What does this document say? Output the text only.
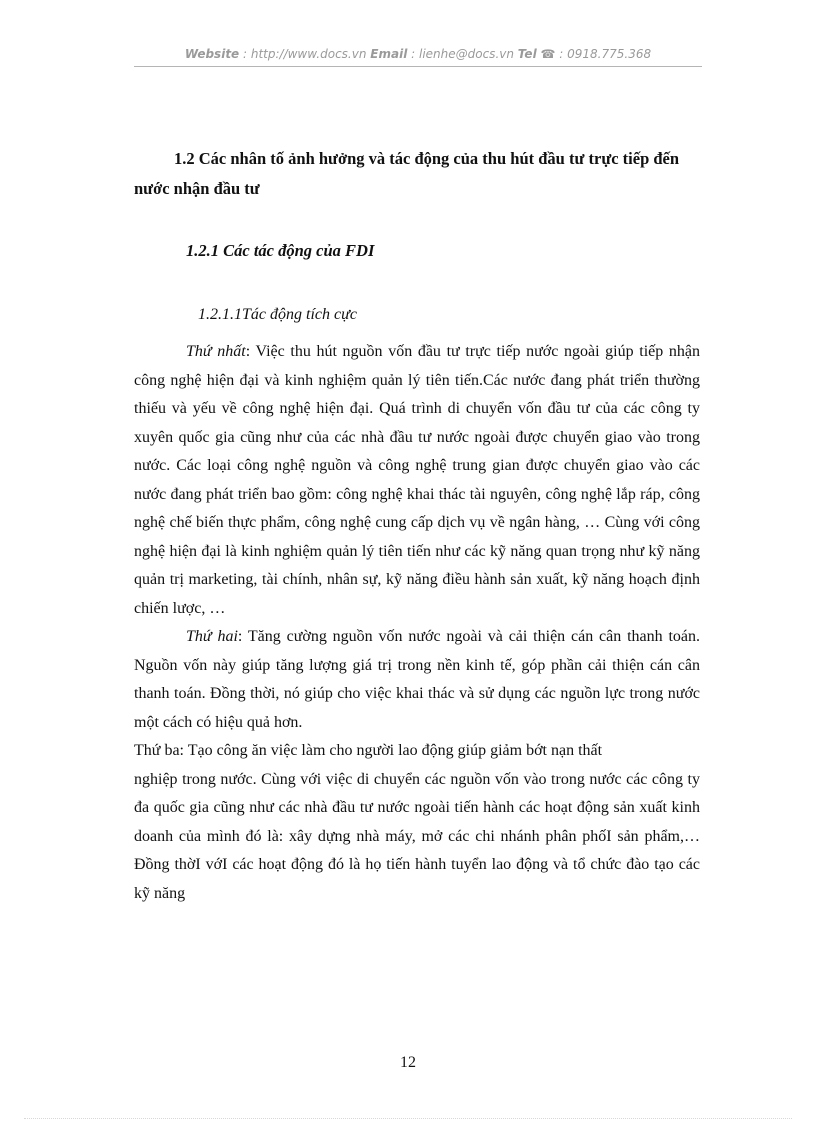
Website : http://www.docs.vn Email : lienhe@docs.vn Tel ☎ : 0918.775.368
1.2 Các nhân tố ảnh hưởng và tác động của thu hút đầu tư trực tiếp đến nước nhận đầu tư
1.2.1 Các tác động của FDI
1.2.1.1Tác động tích cực

Thứ nhất: Việc thu hút nguồn vốn đầu tư trực tiếp nước ngoài giúp tiếp nhận công nghệ hiện đại và kinh nghiệm quản lý tiên tiến.Các nước đang phát triển thường thiếu và yếu về công nghệ hiện đại. Quá trình di chuyển vốn đầu tư của các công ty xuyên quốc gia cũng như của các nhà đầu tư nước ngoài được chuyển giao vào trong nước. Các loại công nghệ nguồn và công nghệ trung gian được chuyển giao vào các nước đang phát triển bao gồm: công nghệ khai thác tài nguyên, công nghệ lắp ráp, công nghệ chế biến thực phẩm, công nghệ cung cấp dịch vụ về ngân hàng, … Cùng với công nghệ hiện đại là kinh nghiệm quản lý tiên tiến như các kỹ năng quan trọng như kỹ năng quản trị marketing, tài chính, nhân sự, kỹ năng điều hành sản xuất, kỹ năng hoạch định chiến lược, …

Thứ hai: Tăng cường nguồn vốn nước ngoài và cải thiện cán cân thanh toán. Nguồn vốn này giúp tăng lượng giá trị trong nền kinh tế, góp phần cải thiện cán cân thanh toán. Đồng thời, nó giúp cho việc khai thác và sử dụng các nguồn lực trong nước một cách có hiệu quả hơn.

Thứ ba: Tạo công ăn việc làm cho người lao động giúp giảm bớt nạn thất

nghiệp trong nước. Cùng với việc di chuyển các nguồn vốn vào trong nước các công ty đa quốc gia cũng như các nhà đầu tư nước ngoài tiến hành các hoạt động sản xuất kinh doanh của mình đó là: xây dựng nhà máy, mở các chi nhánh phân phốI sản phẩm,… Đồng thờI vớI các hoạt động đó là họ tiến hành tuyển lao động và tổ chức đào tạo các kỹ năng

12
